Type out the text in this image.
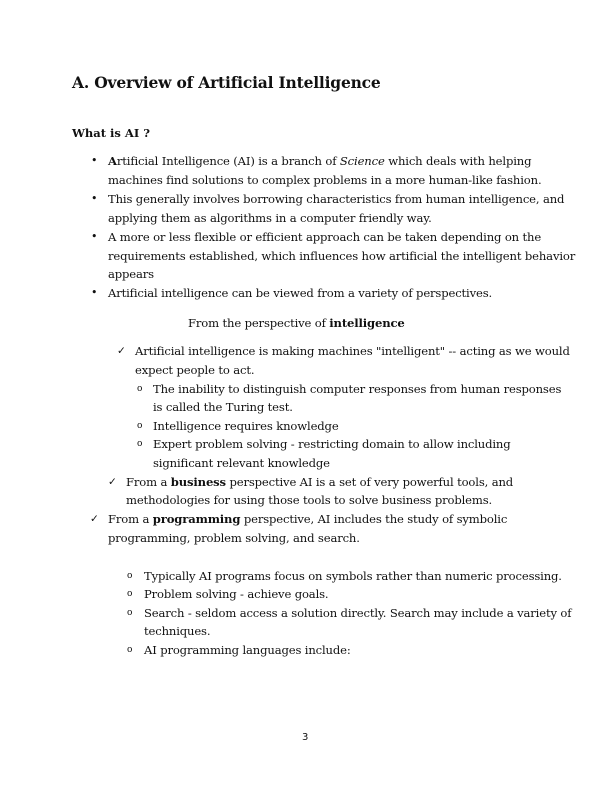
A. Overview of Artificial Intelligence
What is AI ?
• Artificial Intelligence (AI) is a branch of Science which deals with helping
machines find solutions to complex problems in a more human-like fashion.
• This generally involves borrowing characteristics from human intelligence, and
applying them as algorithms in a computer friendly way.
• A more or less flexible or efficient approach can be taken depending on the
requirements established, which influences how artificial the intelligent behavior
appears
• Artificial intelligence can be viewed from a variety of perspectives.
From the perspective of intelligence
✓ Artificial intelligence is making machines "intelligent" -- acting as we would
expect people to act.
o The inability to distinguish computer responses from human responses
is called the Turing test.
o Intelligence requires knowledge
o Expert problem solving - restricting domain to allow including
significant relevant knowledge
✓ From a business perspective AI is a set of very powerful tools, and
methodologies for using those tools to solve business problems.
✓ From a programming perspective, AI includes the study of symbolic
programming, problem solving, and search.
o Typically AI programs focus on symbols rather than numeric processing.
o Problem solving - achieve goals.
o Search - seldom access a solution directly. Search may include a variety of
techniques.
o AI programming languages include:
3
